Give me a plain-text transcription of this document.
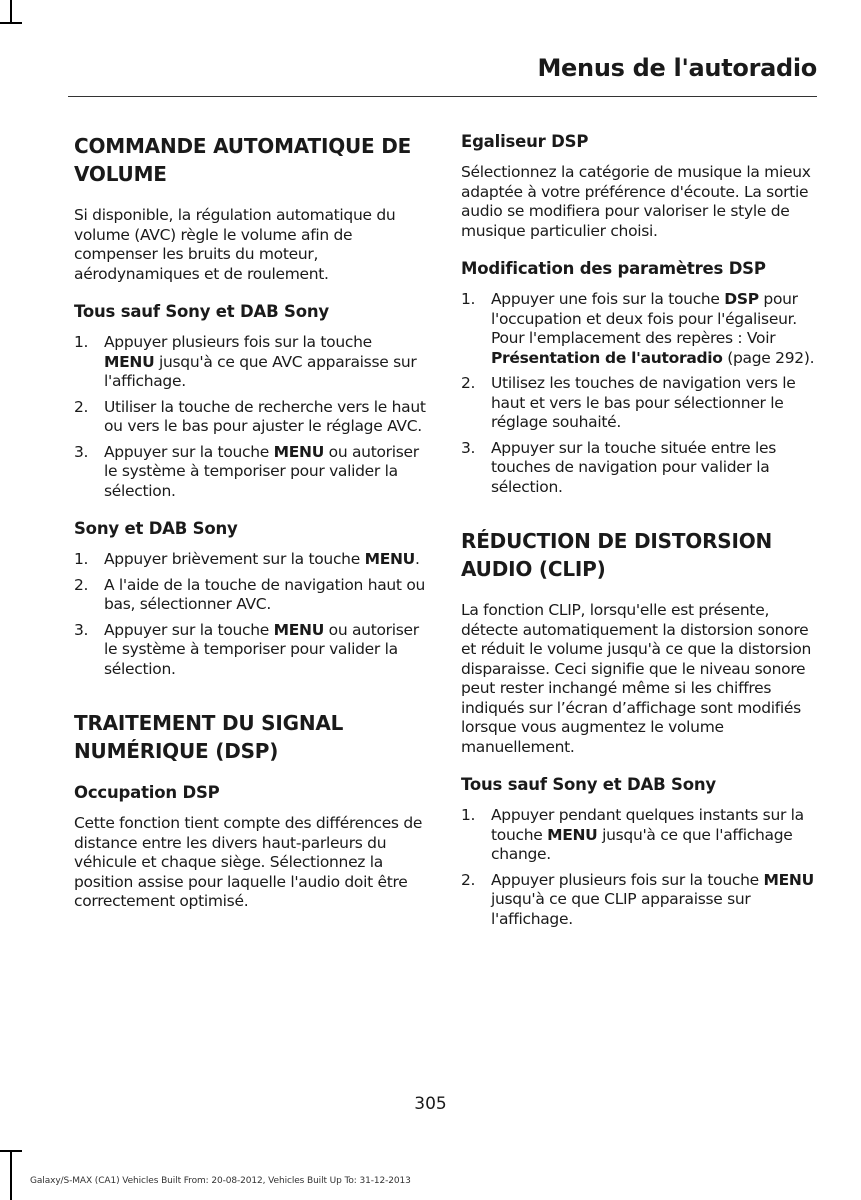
Menus de l'autoradio
COMMANDE AUTOMATIQUE DE VOLUME

Si disponible, la régulation automatique du volume (AVC) règle le volume afin de compenser les bruits du moteur, aérodynamiques et de roulement.

Tous sauf Sony et DAB Sony
1. Appuyer plusieurs fois sur la touche MENU jusqu'à ce que AVC apparaisse sur l'affichage.
2. Utiliser la touche de recherche vers le haut ou vers le bas pour ajuster le réglage AVC.
3. Appuyer sur la touche MENU ou autoriser le système à temporiser pour valider la sélection.
Sony et DAB Sony
1. Appuyer brièvement sur la touche MENU.
2. A l'aide de la touche de navigation haut ou bas, sélectionner AVC.
3. Appuyer sur la touche MENU ou autoriser le système à temporiser pour valider la sélection.
TRAITEMENT DU SIGNAL NUMÉRIQUE (DSP)
Occupation DSP

Cette fonction tient compte des différences de distance entre les divers haut-parleurs du véhicule et chaque siège. Sélectionnez la position assise pour laquelle l'audio doit être correctement optimisé.

Egaliseur DSP

Sélectionnez la catégorie de musique la mieux adaptée à votre préférence d'écoute. La sortie audio se modifiera pour valoriser le style de musique particulier choisi.

Modification des paramètres DSP
1. Appuyer une fois sur la touche DSP pour l'occupation et deux fois pour l'égaliseur. Pour l'emplacement des repères : Voir Présentation de l'autoradio (page 292).
2. Utilisez les touches de navigation vers le haut et vers le bas pour sélectionner le réglage souhaité.
3. Appuyer sur la touche située entre les touches de navigation pour valider la sélection.
RÉDUCTION DE DISTORSION AUDIO (CLIP)

La fonction CLIP, lorsqu'elle est présente, détecte automatiquement la distorsion sonore et réduit le volume jusqu'à ce que la distorsion disparaisse. Ceci signifie que le niveau sonore peut rester inchangé même si les chiffres indiqués sur l’écran d’affichage sont modifiés lorsque vous augmentez le volume manuellement.

Tous sauf Sony et DAB Sony
1. Appuyer pendant quelques instants sur la touche MENU jusqu'à ce que l'affichage change.
2. Appuyer plusieurs fois sur la touche MENU jusqu'à ce que CLIP apparaisse sur l'affichage.
305
Galaxy/S-MAX (CA1) Vehicles Built From: 20-08-2012, Vehicles Built Up To: 31-12-2013
